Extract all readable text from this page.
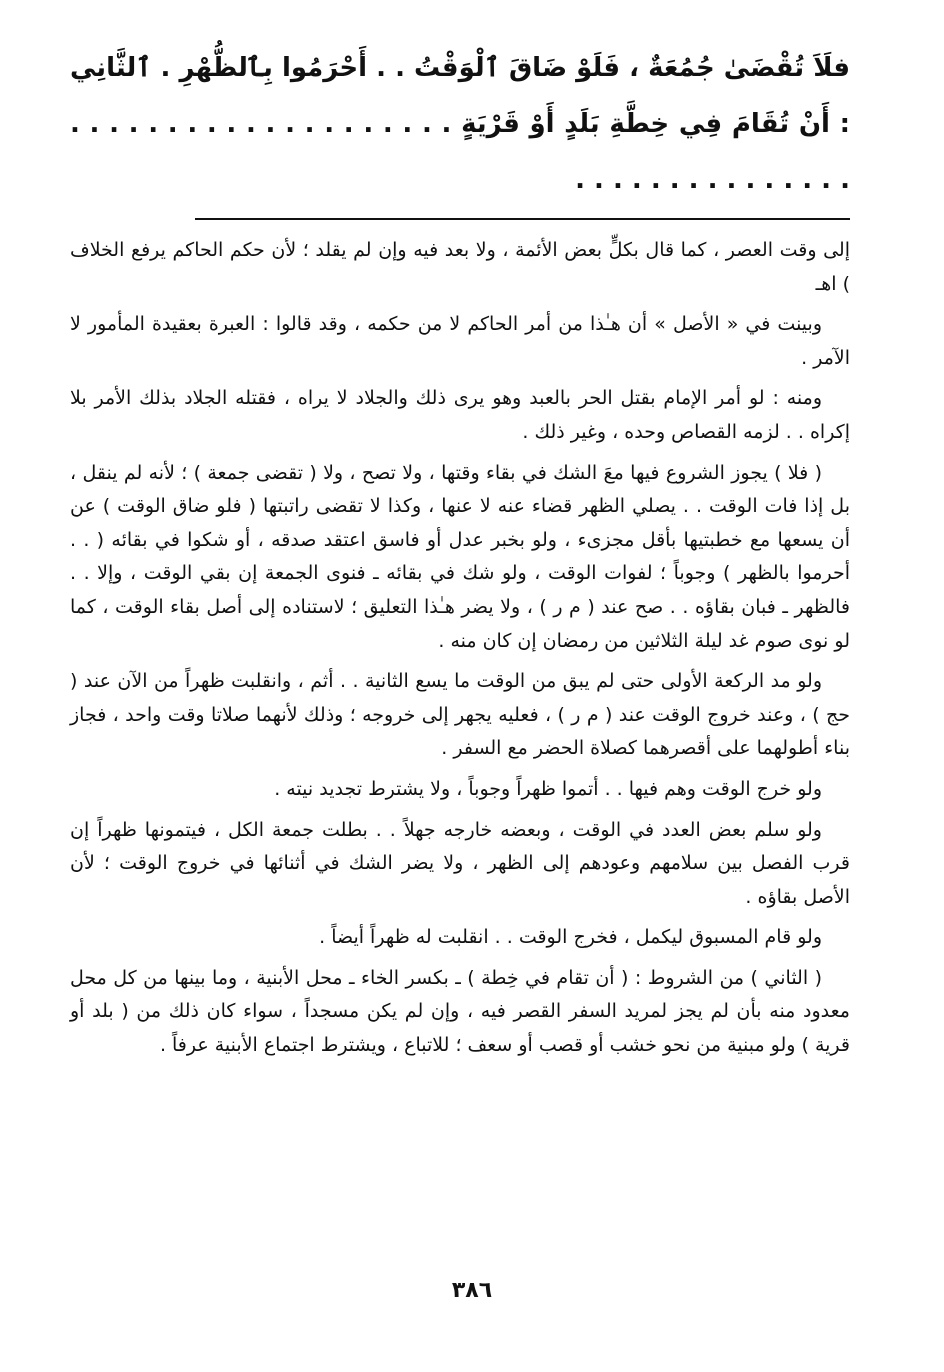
فلَاَ تُقْضَىٰ جُمُعَةٌ ، فَلَوْ ضَاقَ ٱلْوَقْتُ . . أَحْرَمُوا بِٱلظُّهْرِ . ٱلثَّانِي : أَنْ تُقَامَ فِي خِطَّةِ بَلَدٍ أَوْ قَرْيَةٍ . . . . . . . . . . . . . . . . . . . . . . . . . . . . . . . . . . .

إلى وقت العصر ، كما قال بكلٍّ بعض الأئمة ، ولا بعد فيه وإن لم يقلد ؛ لأن حكم الحاكم يرفع الخلاف ) اهـ

وبينت في « الأصل » أن هـٰذا من أمر الحاكم لا من حكمه ، وقد قالوا : العبرة بعقيدة المأمور لا الآمر .

ومنه : لو أمر الإمام بقتل الحر بالعبد وهو يرى ذلك والجلاد لا يراه ، فقتله الجلاد بذلك الأمر بلا إكراه . . لزمه القصاص وحده ، وغير ذلك .

( فلا ) يجوز الشروع فيها معَ الشك في بقاء وقتها ، ولا تصح ، ولا ( تقضى جمعة ) ؛ لأنه لم ينقل ، بل إذا فات الوقت . . يصلي الظهر قضاء عنه لا عنها ، وكذا لا تقضى راتبتها ( فلو ضاق الوقت ) عن أن يسعها مع خطبتيها بأقل مجزىء ، ولو بخبر عدل أو فاسق اعتقد صدقه ، أو شكوا في بقائه ( . . أحرموا بالظهر ) وجوباً ؛ لفوات الوقت ، ولو شك في بقائه ـ فنوى الجمعة إن بقي الوقت ، وإلا . . فالظهر ـ فبان بقاؤه . . صح عند ( م ر ) ، ولا يضر هـٰذا التعليق ؛ لاستناده إلى أصل بقاء الوقت ، كما لو نوى صوم غد ليلة الثلاثين من رمضان إن كان منه .

ولو مد الركعة الأولى حتى لم يبق من الوقت ما يسع الثانية . . أثم ، وانقلبت ظهراً من الآن عند ( حج ) ، وعند خروج الوقت عند ( م ر ) ، فعليه يجهر إلى خروجه ؛ وذلك لأنهما صلاتا وقت واحد ، فجاز بناء أطولهما على أقصرهما كصلاة الحضر مع السفر .

ولو خرج الوقت وهم فيها . . أتموا ظهراً وجوباً ، ولا يشترط تجديد نيته .

ولو سلم بعض العدد في الوقت ، وبعضه خارجه جهلاً . . بطلت جمعة الكل ، فيتمونها ظهراً إن قرب الفصل بين سلامهم وعودهم إلى الظهر ، ولا يضر الشك في أثنائها في خروج الوقت ؛ لأن الأصل بقاؤه .

ولو قام المسبوق ليكمل ، فخرج الوقت . . انقلبت له ظهراً أيضاً .

( الثاني ) من الشروط : ( أن تقام في خِطة ) ـ بكسر الخاء ـ محل الأبنية ، وما بينها من كل محل معدود منه بأن لم يجز لمريد السفر القصر فيه ، وإن لم يكن مسجداً ، سواء كان ذلك من ( بلد أو قرية ) ولو مبنية من نحو خشب أو قصب أو سعف ؛ للاتباع ، ويشترط اجتماع الأبنية عرفاً .

٣٨٦
